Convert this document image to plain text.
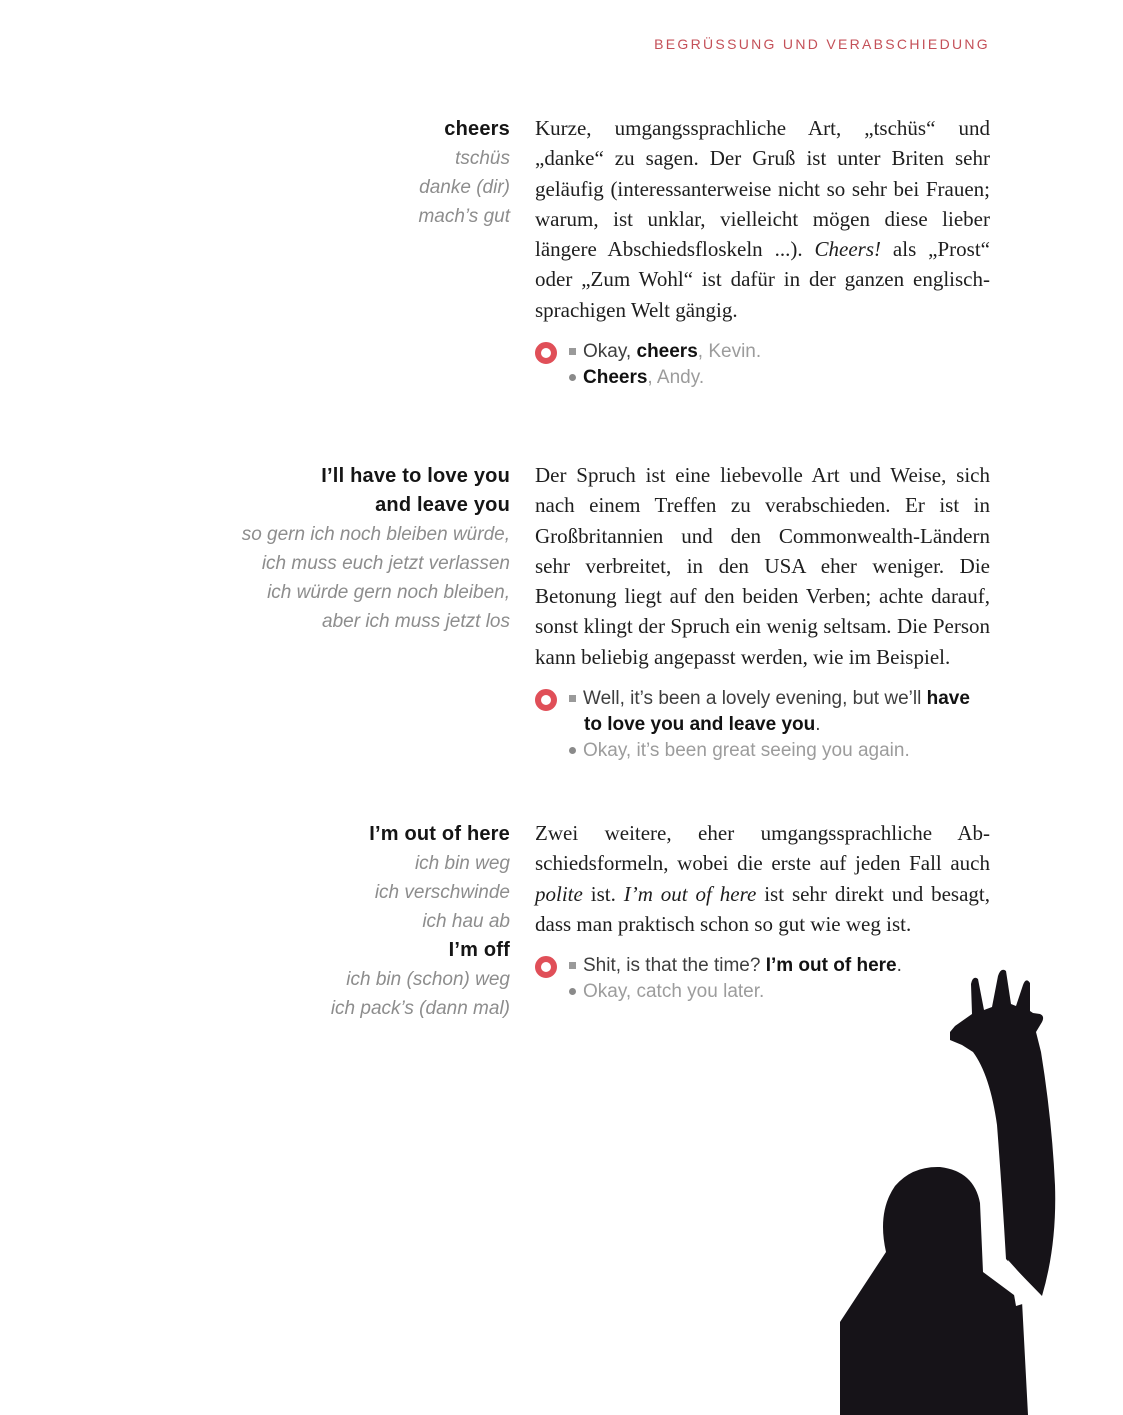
BEGRÜSSUNG UND VERABSCHIEDUNG
cheers
tschüs
danke (dir)
mach’s gut

Kurze, umgangssprachliche Art, „tschüs“ und „danke“ zu sagen. Der Gruß ist unter Briten sehr geläufig (interessanterweise nicht so sehr bei Frauen; warum, ist unklar, vielleicht mögen diese lieber längere Abschiedsfloskeln ...). Cheers! als „Prost“ oder „Zum Wohl“ ist dafür in der ganzen englischsprachigen Welt gängig.

Okay, cheers, Kevin.
Cheers, Andy.
I’ll have to love you
and leave you
so gern ich noch bleiben würde,
ich muss euch jetzt verlassen
ich würde gern noch bleiben,
aber ich muss jetzt los

Der Spruch ist eine liebevolle Art und Weise, sich nach einem Treffen zu verabschieden. Er ist in Großbritannien und den Commonwealth-Ländern sehr verbreitet, in den USA eher weniger. Die Betonung liegt auf den beiden Verben; achte darauf, sonst klingt der Spruch ein wenig seltsam. Die Person kann beliebig angepasst werden, wie im Beispiel.

Well, it’s been a lovely evening, but we’ll have to love you and leave you.
Okay, it’s been great seeing you again.
I’m out of here
ich bin weg
ich verschwinde
ich hau ab
I’m off
ich bin (schon) weg
ich pack’s (dann mal)

Zwei weitere, eher umgangssprachliche Abschiedsformeln, wobei die erste auf jeden Fall auch polite ist. I’m out of here ist sehr direkt und besagt, dass man praktisch schon so gut wie weg ist.

Shit, is that the time? I’m out of here.
Okay, catch you later.
